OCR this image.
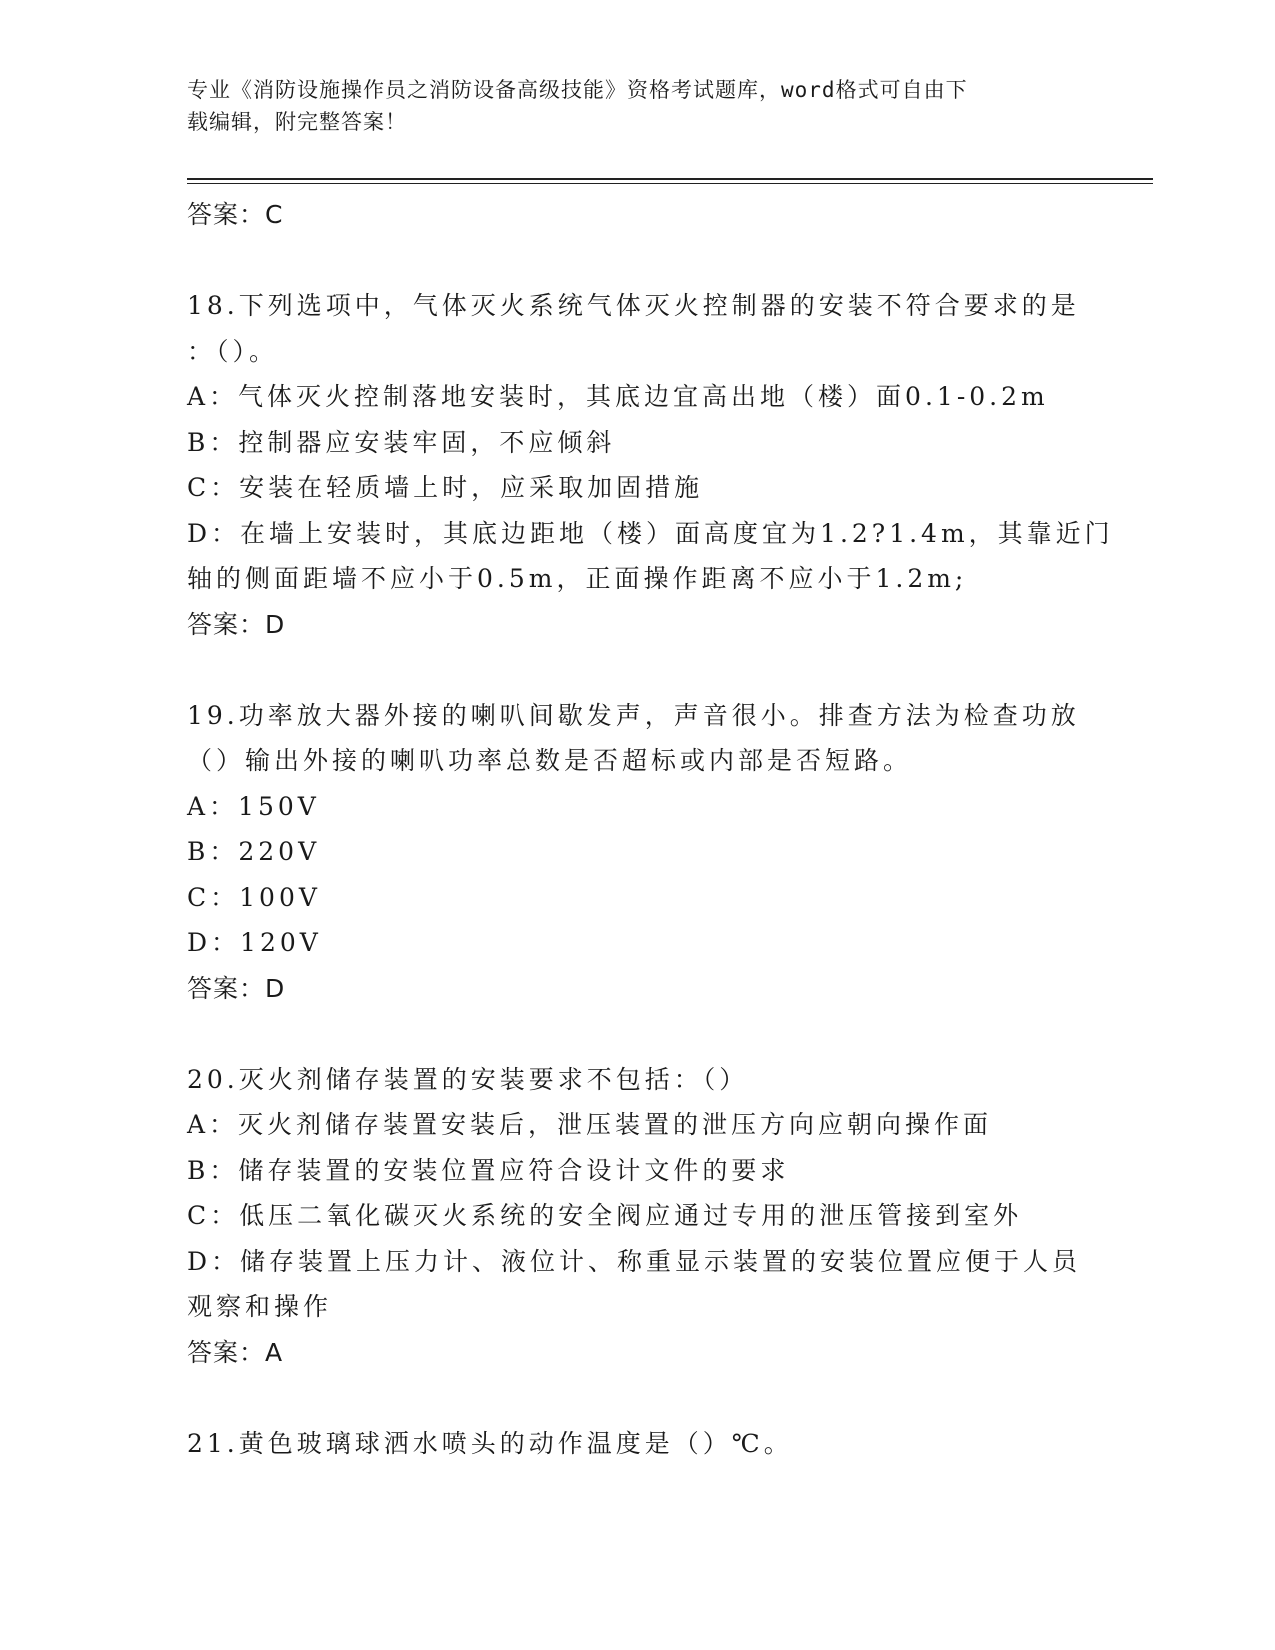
专业《消防设施操作员之消防设备高级技能》资格考试题库，word格式可自由下
载编辑，附完整答案！
答案：C
18.下列选项中，气体灭火系统气体灭火控制器的安装不符合要求的是
：（）。
A：气体灭火控制落地安装时，其底边宜高出地（楼）面0.1-0.2m
B：控制器应安装牢固，不应倾斜
C：安装在轻质墙上时，应采取加固措施
D：在墙上安装时，其底边距地（楼）面高度宜为1.2?1.4m，其靠近门
轴的侧面距墙不应小于0.5m，正面操作距离不应小于1.2m;
答案：D
19.功率放大器外接的喇叭间歇发声，声音很小。排查方法为检查功放
（）输出外接的喇叭功率总数是否超标或内部是否短路。
A：150V
B：220V
C：100V
D：120V
答案：D
20.灭火剂储存装置的安装要求不包括：（）
A：灭火剂储存装置安装后，泄压装置的泄压方向应朝向操作面
B：储存装置的安装位置应符合设计文件的要求
C：低压二氧化碳灭火系统的安全阀应通过专用的泄压管接到室外
D：储存装置上压力计、液位计、称重显示装置的安装位置应便于人员
观察和操作
答案：A
21.黄色玻璃球洒水喷头的动作温度是（）℃。
